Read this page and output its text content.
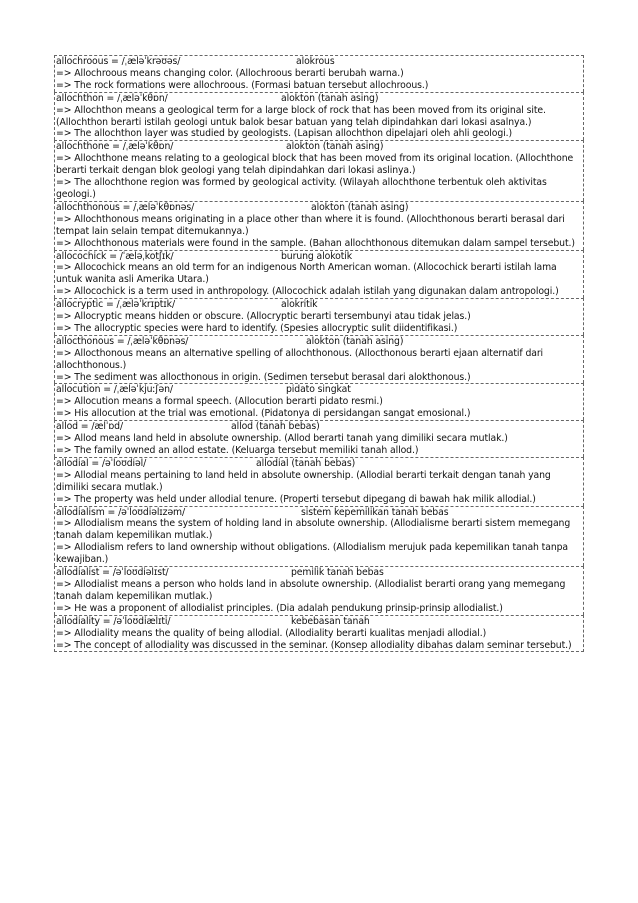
allochroous = /ˌæləˈkrəʊəs/	alokrous
=> Allochroous means changing color. (Allochroous berarti berubah warna.)
=> The rock formations were allochroous. (Formasi batuan tersebut allochroous.)
allochthon = /ˌæləˈkθɒn/	alokton (tanah asing)
=> Allochthon means a geological term for a large block of rock that has been moved from its original site. (Allochthon berarti istilah geologi untuk balok besar batuan yang telah dipindahkan dari lokasi asalnya.)
=> The allochthon layer was studied by geologists. (Lapisan allochthon dipelajari oleh ahli geologi.)
allochthone = /ˌæləˈkθɒn/	alokton (tanah asing)
=> Allochthone means relating to a geological block that has been moved from its original location. (Allochthone berarti terkait dengan blok geologi yang telah dipindahkan dari lokasi aslinya.)
=> The allochthone region was formed by geological activity. (Wilayah allochthone terbentuk oleh aktivitas geologi.)
allochthonous = /ˌæləˈkθɒnəs/	alokton (tanah asing)
=> Allochthonous means originating in a place other than where it is found. (Allochthonous berarti berasal dari tempat lain selain tempat ditemukannya.)
=> Allochthonous materials were found in the sample. (Bahan allochthonous ditemukan dalam sampel tersebut.)
allocochick = /ˈæləˌkotʃɪk/	burung alokotik
=> Allocochick means an old term for an indigenous North American woman. (Allocochick berarti istilah lama untuk wanita asli Amerika Utara.)
=> Allocochick is a term used in anthropology. (Allocochick adalah istilah yang digunakan dalam antropologi.)
allocryptic = /ˌæləˈkrɪptɪk/	alokritik
=> Allocryptic means hidden or obscure. (Allocryptic berarti tersembunyi atau tidak jelas.)
=> The allocryptic species were hard to identify. (Spesies allocryptic sulit diidentifikasi.)
allocthonous = /ˌæləˈkθɒnəs/	alokton (tanah asing)
=> Allocthonous means an alternative spelling of allochthonous. (Allocthonous berarti ejaan alternatif dari allochthonous.)
=> The sediment was allocthonous in origin. (Sedimen tersebut berasal dari alokthonous.)
allocution = /ˌæləˈkjuːʃən/	pidato singkat
=> Allocution means a formal speech. (Allocution berarti pidato resmi.)
=> His allocution at the trial was emotional. (Pidatonya di persidangan sangat emosional.)
allod = /ælˈɒd/	allod (tanah bebas)
=> Allod means land held in absolute ownership. (Allod berarti tanah yang dimiliki secara mutlak.)
=> The family owned an allod estate. (Keluarga tersebut memiliki tanah allod.)
allodial = /əˈloʊdiəl/	allodial (tanah bebas)
=> Allodial means pertaining to land held in absolute ownership. (Allodial berarti terkait dengan tanah yang dimiliki secara mutlak.)
=> The property was held under allodial tenure. (Properti tersebut dipegang di bawah hak milik allodial.)
allodialism = /əˈloʊdiəlɪzəm/	sistem kepemilikan tanah bebas
=> Allodialism means the system of holding land in absolute ownership. (Allodialisme berarti sistem memegang tanah dalam kepemilikan mutlak.)
=> Allodialism refers to land ownership without obligations. (Allodialism merujuk pada kepemilikan tanah tanpa kewajiban.)
allodialist = /əˈloʊdiəlɪst/	pemilik tanah bebas
=> Allodialist means a person who holds land in absolute ownership. (Allodialist berarti orang yang memegang tanah dalam kepemilikan mutlak.)
=> He was a proponent of allodialist principles. (Dia adalah pendukung prinsip-prinsip allodialist.)
allodiality = /əˈloʊdiælɪti/	kebebasan tanah
=> Allodiality means the quality of being allodial. (Allodiality berarti kualitas menjadi allodial.)
=> The concept of allodiality was discussed in the seminar. (Konsep allodiality dibahas dalam seminar tersebut.)
